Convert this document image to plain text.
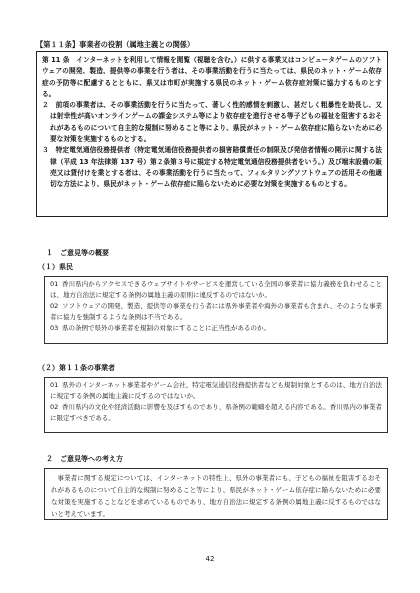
【第１１条】事業者の役割（属地主義との関係）

第 11 条　インターネットを利用して情報を閲覧（視聴を含む。）に供する事業又はコンピュータゲームのソフトウェアの開発、製造、提供等の事業を行う者は、その事業活動を行うに当たっては、県民のネット・ゲーム依存症の予防等に配慮するとともに、県又は市町が実施する県民のネット・ゲーム依存症対策に協力するものとする。

２　前項の事業者は、その事業活動を行うに当たって、著しく性的感情を刺激し、甚だしく粗暴性を助長し、又は射幸性が高いオンラインゲームの課金システム等により依存症を進行させる等子どもの福祉を阻害するおそれがあるものについて自主的な規制に努めること等により、県民がネット・ゲーム依存症に陥らないために必要な対策を実施するものとする。

３　特定電気通信役務提供者（特定電気通信役務提供者の損害賠償責任の制限及び発信者情報の開示に関する法律（平成 13 年法律第 137 号）第２条第３号に規定する特定電気通信役務提供者をいう。）及び端末設備の販売又は貸付けを業とする者は、その事業活動を行うに当たって、フィルタリングソフトウェアの活用その他適切な方法により、県民がネット・ゲーム依存症に陥らないために必要な対策を実施するものとする。

１　ご意見等の概要
（１）県民
01 香川県内からアクセスできるウェブサイトやサービスを運営している全国の事業者に協力義務を負わせることは、地方自治法に規定する条例の属地主義の原則に違反するのではないか。
02 ソフトウェアの開発、製造、提供等の事業を行う者には県外事業者や海外の事業者も含まれ、そのような事業者に協力を強制するような条例は不当である。
03 県の条例で県外の事業者を規制の対象にすることに正当性があるのか。
（２）第１１条の事業者
01 県外のインターネット事業者やゲーム会社、特定電気通信役務提供者なども規制対象とするのは、地方自治法に規定する条例の属地主義に反するのではないか。
02 香川県内の文化や経済活動に影響を及ぼすものであり、県条例の範疇を超える内容である。香川県内の事業者に限定すべきである。
２　ご意見等への考え方

事業者に関する規定については、インターネットの特性上、県外の事業者にも、子どもの福祉を阻害するおそれがあるものについて自主的な規制に努めること等により、県民がネット・ゲーム依存症に陥らないために必要な対策を実施することなどを求めているものであり、地方自治法に規定する条例の属地主義に反するものではないと考えています。

42
